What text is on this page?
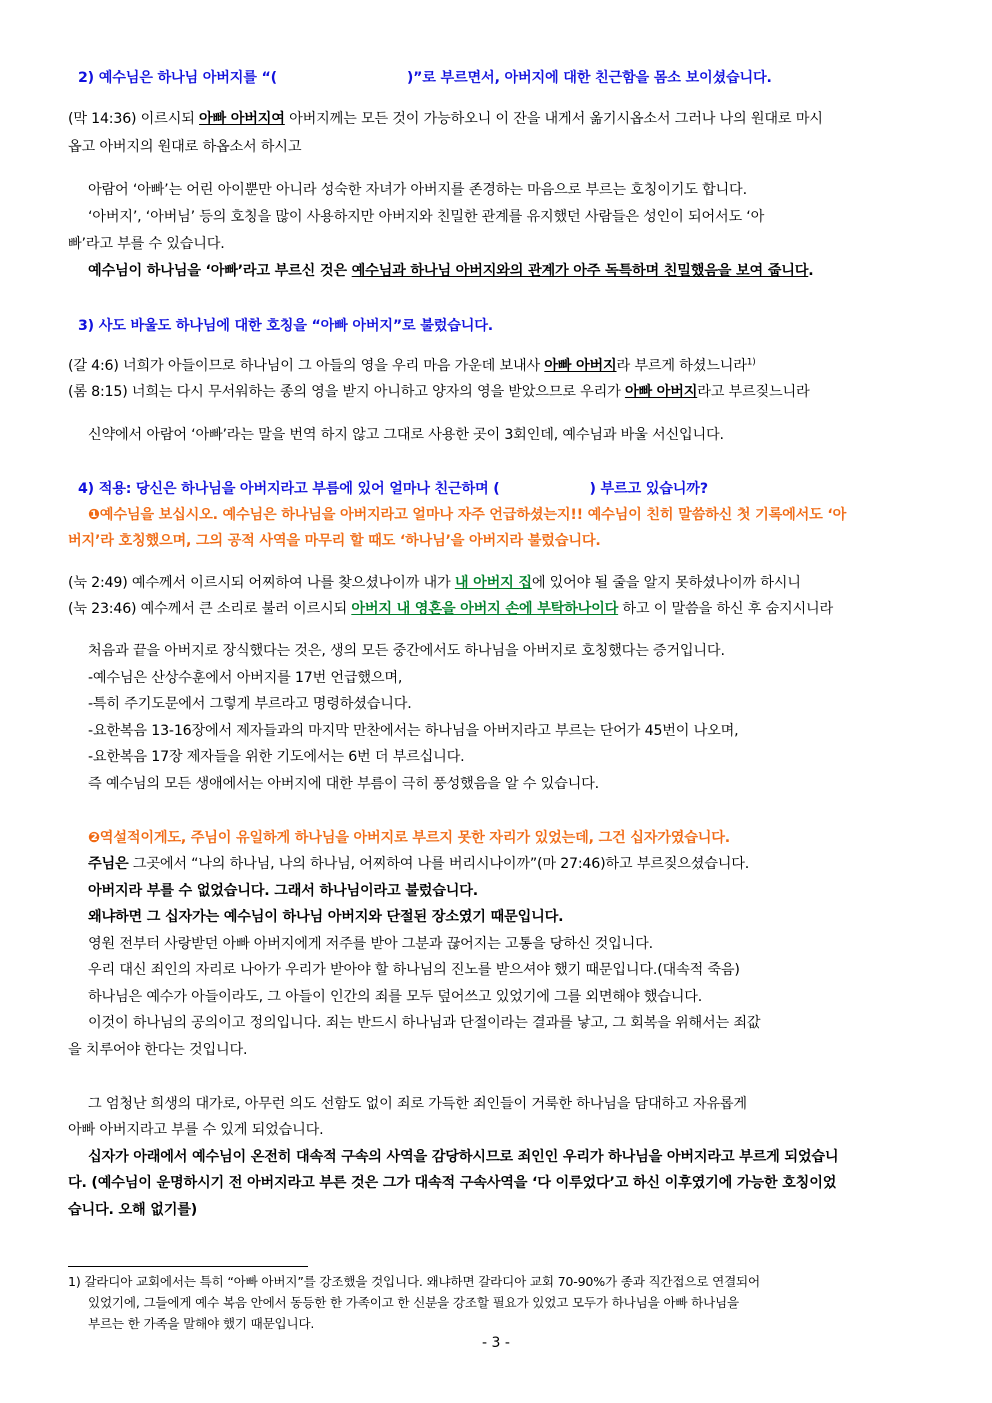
2) 예수님은 하나님 아버지를 “(	)”로 부르면서, 아버지에 대한 친근함을 몸소 보이셨습니다.
(막 14:36) 이르시되 아빠 아버지여 아버지께는 모든 것이 가능하오니 이 잔을 내게서 옮기시옵소서 그러나 나의 원대로 마시
옵고 아버지의 원대로 하옵소서 하시고
아람어 ‘아빠’는 어린 아이뿐만 아니라 성숙한 자녀가 아버지를 존경하는 마음으로 부르는 호칭이기도 합니다.
‘아버지’, ‘아버님’ 등의 호칭을 많이 사용하지만 아버지와 친밀한 관계를 유지했던 사람들은 성인이 되어서도 ‘아
빠’라고 부를 수 있습니다.
예수님이 하나님을 ‘아빠’라고 부르신 것은 예수님과 하나님 아버지와의 관계가 아주 독특하며 친밀했음을 보여 줍니다.
3) 사도 바울도 하나님에 대한 호칭을 “아빠 아버지”로 불렀습니다.
(갈 4:6) 너희가 아들이므로 하나님이 그 아들의 영을 우리 마음 가운데 보내사 아빠 아버지라 부르게 하셨느니라$^{1)}$
(롬 8:15) 너희는 다시 무서워하는 종의 영을 받지 아니하고 양자의 영을 받았으므로 우리가 아빠 아버지라고 부르짖느니라
신약에서 아람어 ‘아빠’라는 말을 번역 하지 않고 그대로 사용한 곳이 3회인데, 예수님과 바울 서신입니다.
4) 적용: 당신은 하나님을 아버지라고 부름에 있어 얼마나 친근하며 (	) 부르고 있습니까?
❶예수님을 보십시오. 예수님은 하나님을 아버지라고 얼마나 자주 언급하셨는지!! 예수님이 친히 말씀하신 첫 기록에서도 ‘아
버지’라 호칭했으며, 그의 공적 사역을 마무리 할 때도 ‘하나님’을 아버지라 불렀습니다.
(눅 2:49) 예수께서 이르시되 어찌하여 나를 찾으셨나이까 내가 내 아버지 집에 있어야 될 줄을 알지 못하셨나이까 하시니
(눅 23:46) 예수께서 큰 소리로 불러 이르시되 아버지 내 영혼을 아버지 손에 부탁하나이다 하고 이 말씀을 하신 후 숨지시니라
처음과 끝을 아버지로 장식했다는 것은, 생의 모든 중간에서도 하나님을 아버지로 호칭했다는 증거입니다.
-예수님은 산상수훈에서 아버지를 17번 언급했으며,
-특히 주기도문에서 그렇게 부르라고 명령하셨습니다.
-요한복음 13-16장에서 제자들과의 마지막 만찬에서는 하나님을 아버지라고 부르는 단어가 45번이 나오며,
-요한복음 17장 제자들을 위한 기도에서는 6번 더 부르십니다.
즉 예수님의 모든 생애에서는 아버지에 대한 부름이 극히 풍성했음을 알 수 있습니다.
❷역설적이게도, 주님이 유일하게 하나님을 아버지로 부르지 못한 자리가 있었는데, 그건 십자가였습니다.
주님은 그곳에서 “나의 하나님, 나의 하나님, 어찌하여 나를 버리시나이까”(마 27:46)하고 부르짖으셨습니다.
아버지라 부를 수 없었습니다. 그래서 하나님이라고 불렀습니다.
왜냐하면 그 십자가는 예수님이 하나님 아버지와 단절된 장소였기 때문입니다.
영원 전부터 사랑받던 아빠 아버지에게 저주를 받아 그분과 끊어지는 고통을 당하신 것입니다.
우리 대신 죄인의 자리로 나아가 우리가 받아야 할 하나님의 진노를 받으셔야 했기 때문입니다.(대속적 죽음)
하나님은 예수가 아들이라도, 그 아들이 인간의 죄를 모두 덮어쓰고 있었기에 그를 외면해야 했습니다.
이것이 하나님의 공의이고 정의입니다. 죄는 반드시 하나님과 단절이라는 결과를 낳고, 그 회복을 위해서는 죄값
을 치루어야 한다는 것입니다.
그 엄청난 희생의 대가로, 아무런 의도 선함도 없이 죄로 가득한 죄인들이 거룩한 하나님을 담대하고 자유롭게
아빠 아버지라고 부를 수 있게 되었습니다.
십자가 아래에서 예수님이 온전히 대속적 구속의 사역을 감당하시므로 죄인인 우리가 하나님을 아버지라고 부르게 되었습니
다. (예수님이 운명하시기 전 아버지라고 부른 것은 그가 대속적 구속사역을 ‘다 이루었다’고 하신 이후였기에 가능한 호칭이었
습니다. 오해 없기를)
1) 갈라디아 교회에서는 특히 “아빠 아버지”를 강조했을 것입니다. 왜냐하면 갈라디아 교회 70-90%가 종과 직간접으로 연결되어
있었기에, 그들에게 예수 복음 안에서 동등한 한 가족이고 한 신분을 강조할 필요가 있었고 모두가 하나님을 아빠 하나님을
부르는 한 가족을 말해야 했기 때문입니다.
- 3 -
